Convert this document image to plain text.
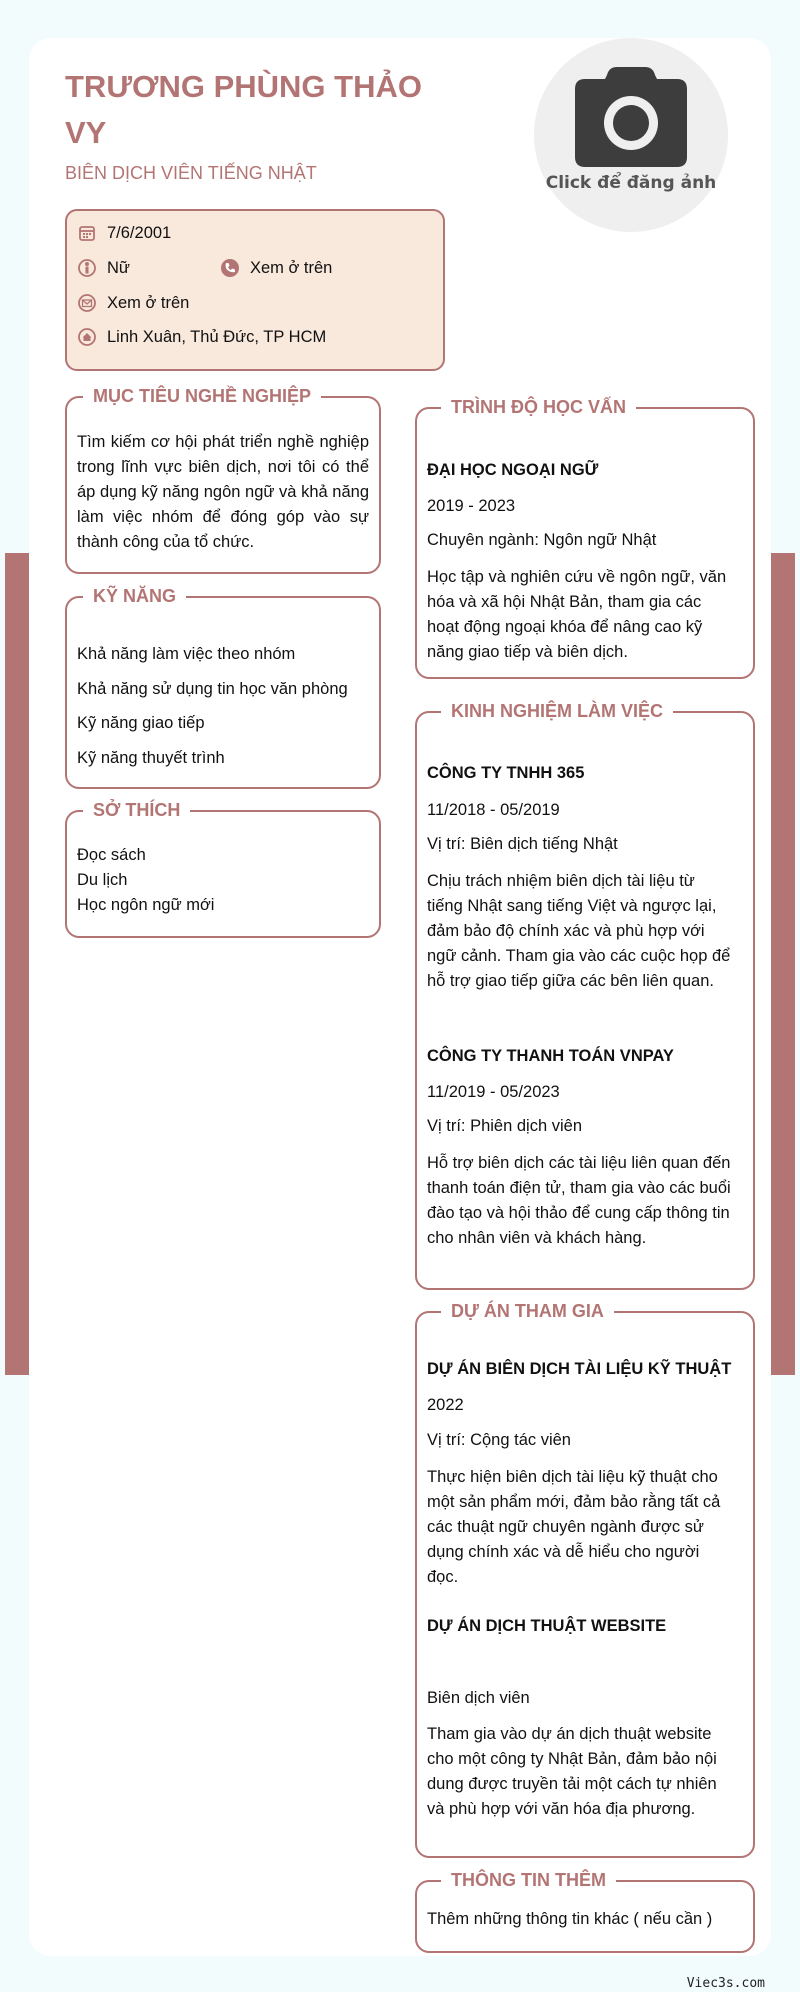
TRƯƠNG PHÙNG THẢO VY
BIÊN DỊCH VIÊN TIẾNG NHẬT	Click để đăng ảnh
7/6/2001
Nữ	Xem ở trên
Xem ở trên
Linh Xuân, Thủ Đức, TP HCM
MỤC TIÊU NGHỀ NGHIỆP
Tìm kiếm cơ hội phát triển nghề nghiệp trong lĩnh vực biên dịch, nơi tôi có thể áp dụng kỹ năng ngôn ngữ và khả năng làm việc nhóm để đóng góp vào sự thành công của tổ chức.
KỸ NĂNG
Khả năng làm việc theo nhóm
Khả năng sử dụng tin học văn phòng
Kỹ năng giao tiếp
Kỹ năng thuyết trình
SỞ THÍCH
Đọc sách
Du lịch
Học ngôn ngữ mới
TRÌNH ĐỘ HỌC VẤN
ĐẠI HỌC NGOẠI NGỮ
2019 - 2023
Chuyên ngành: Ngôn ngữ Nhật
Học tập và nghiên cứu về ngôn ngữ, văn hóa và xã hội Nhật Bản, tham gia các hoạt động ngoại khóa để nâng cao kỹ năng giao tiếp và biên dịch.
KINH NGHIỆM LÀM VIỆC
CÔNG TY TNHH 365
11/2018 - 05/2019
Vị trí: Biên dịch tiếng Nhật
Chịu trách nhiệm biên dịch tài liệu từ tiếng Nhật sang tiếng Việt và ngược lại, đảm bảo độ chính xác và phù hợp với ngữ cảnh. Tham gia vào các cuộc họp để hỗ trợ giao tiếp giữa các bên liên quan.
CÔNG TY THANH TOÁN VNPAY
11/2019 - 05/2023
Vị trí: Phiên dịch viên
Hỗ trợ biên dịch các tài liệu liên quan đến thanh toán điện tử, tham gia vào các buổi đào tạo và hội thảo để cung cấp thông tin cho nhân viên và khách hàng.
DỰ ÁN THAM GIA
DỰ ÁN BIÊN DỊCH TÀI LIỆU KỸ THUẬT
2022
Vị trí: Cộng tác viên
Thực hiện biên dịch tài liệu kỹ thuật cho một sản phẩm mới, đảm bảo rằng tất cả các thuật ngữ chuyên ngành được sử dụng chính xác và dễ hiểu cho người đọc.
DỰ ÁN DỊCH THUẬT WEBSITE
Biên dịch viên
Tham gia vào dự án dịch thuật website cho một công ty Nhật Bản, đảm bảo nội dung được truyền tải một cách tự nhiên và phù hợp với văn hóa địa phương.
THÔNG TIN THÊM
Thêm những thông tin khác ( nếu cần )
Viec3s.com
